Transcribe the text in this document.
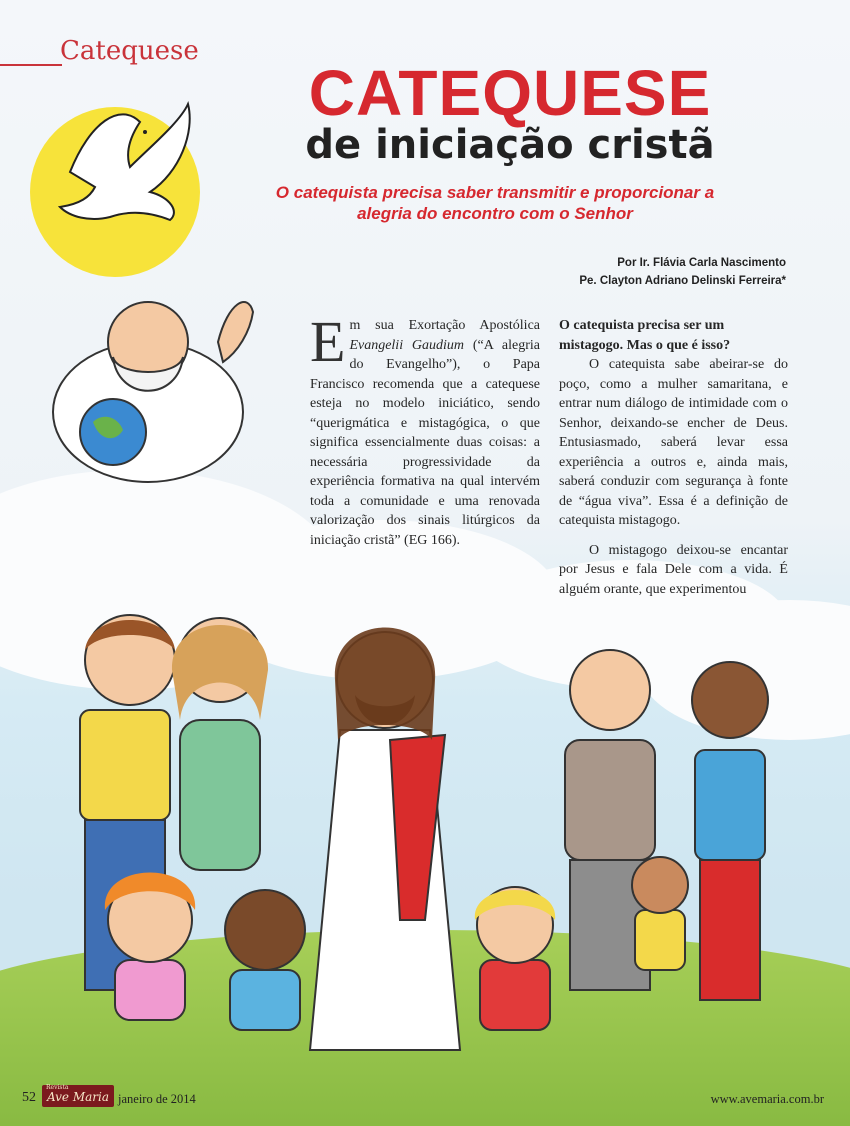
Catequese
CATEQUESE
de iniciação cristã

O catequista precisa saber transmitir e proporcionar a alegria do encontro com o Senhor

Por Ir. Flávia Carla Nascimento
Pe. Clayton Adriano Delinski Ferreira*
Em sua Exortação Apostólica Evangelii Gaudium (“A alegria do Evangelho”), o Papa Francisco recomenda que a catequese esteja no modelo iniciático, sendo “querigmática e mistagógica, o que significa essencialmente duas coisas: a necessária progressividade da experiência formativa na qual intervém toda a comunidade e uma renovada valorização dos sinais litúrgicos da iniciação cristã” (EG 166).
O catequista precisa ser um mistagogo. Mas o que é isso?

O catequista sabe abeirar-se do poço, como a mulher samaritana, e entrar num diálogo de intimidade com o Senhor, deixando-se encher de Deus. Entusiasmado, saberá levar essa experiência a outros e, ainda mais, saberá conduzir com segurança à fonte de “água viva”. Essa é a definição de catequista mistagogo.

O mistagogo deixou-se encantar por Jesus e fala Dele com a vida. É alguém orante, que experimentou

52
Revista
Ave Maria janeiro de 2014	www.avemaria.com.br
